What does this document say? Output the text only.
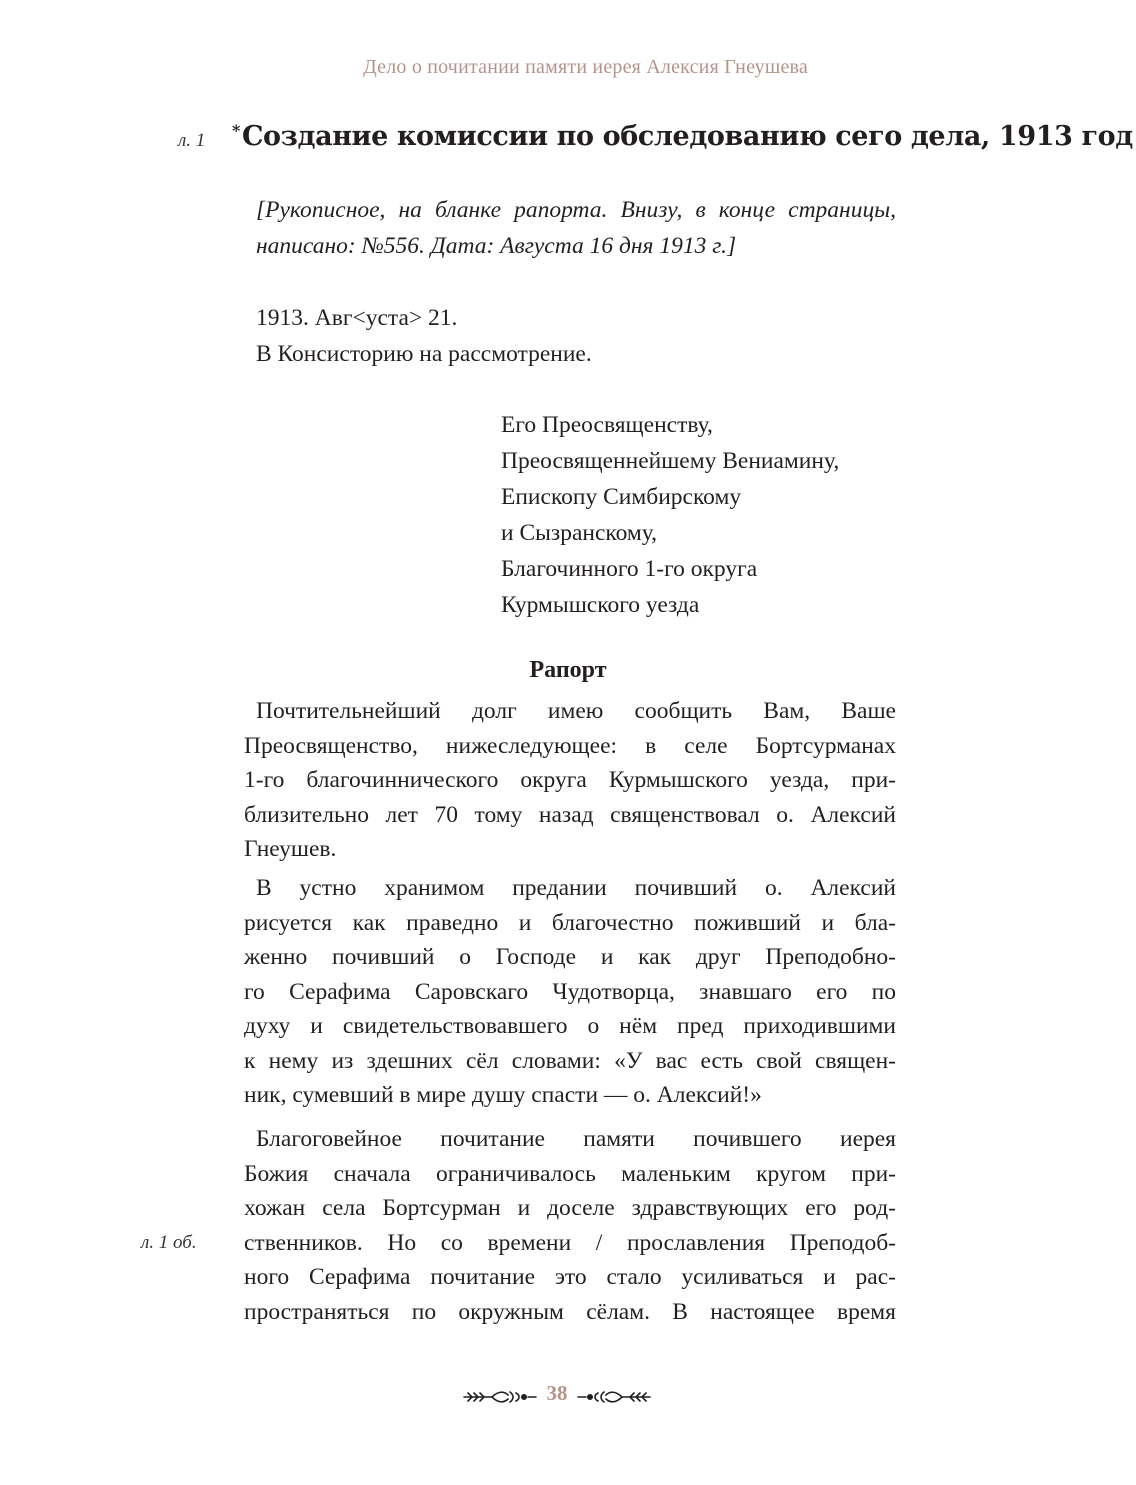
Дело о почитании памяти иерея Алексия Гнеушева
л. 1 *Создание комиссии по обследованию сего дела, 1913 год
[Рукописное, на бланке рапорта. Внизу, в конце страницы, написано: №556. Дата: Августа 16 дня 1913 г.]
1913. Авг<уста> 21.
В Консисторию на рассмотрение.
Его Преосвященству,
Преосвященнейшему Вениамину,
Епископу Симбирскому
и Сызранскому,
Благочинного 1-го округа
Курмышского уезда
Рапорт
Почтительнейший долг имею сообщить Вам, Ваше
Преосвященство, нижеследующее: в селе Бортсурманах
1-го благочиннического округа Курмышского уезда, при-
близительно лет 70 тому назад священствовал о. Алексий
Гнеушев.
В устно хранимом предании почивший о. Алексий
рисуется как праведно и благочестно поживший и бла-
женно почивший о Господе и как друг Преподобно-
го Серафима Саровскаго Чудотворца, знавшаго его по
духу и свидетельствовавшего о нём пред приходившими
к нему из здешних сёл словами: «У вас есть свой священ-
ник, сумевший в мире душу спасти — о. Алексий!»
Благоговейное почитание памяти почившего иерея
Божия сначала ограничивалось маленьким кругом при-
хожан села Бортсурман и доселе здравствующих его род-
ственников. Но со времени / прославления Преподоб-
ного Серафима почитание это стало усиливаться и рас-
пространяться по окружным сёлам. В настоящее время
л. 1 об.
38
